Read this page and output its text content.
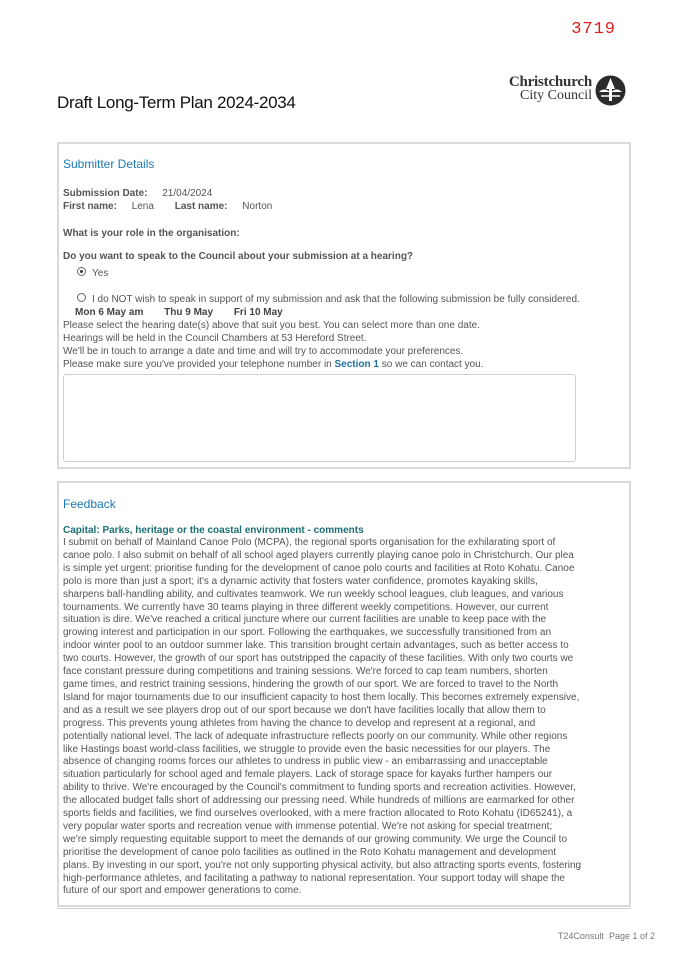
3719
Draft Long-Term Plan 2024-2034
Christchurch
City Council
Submitter Details
Submission Date: 21/04/2024
First name: Lena Last name: Norton
What is your role in the organisation:
Do you want to speak to the Council about your submission at a hearing?
Yes
I do NOT wish to speak in support of my submission and ask that the following submission be fully considered.
Mon 6 May am Thu 9 May Fri 10 May
Please select the hearing date(s) above that suit you best. You can select more than one date.
Hearings will be held in the Council Chambers at 53 Hereford Street.
We'll be in touch to arrange a date and time and will try to accommodate your preferences.
Please make sure you've provided your telephone number in Section 1 so we can contact you.
Feedback
Capital: Parks, heritage or the coastal environment - comments
I submit on behalf of Mainland Canoe Polo (MCPA), the regional sports organisation for the exhilarating sport of
canoe polo. I also submit on behalf of all school aged players currently playing canoe polo in Christchurch. Our plea
is simple yet urgent: prioritise funding for the development of canoe polo courts and facilities at Roto Kohatu. Canoe
polo is more than just a sport; it's a dynamic activity that fosters water confidence, promotes kayaking skills,
sharpens ball-handling ability, and cultivates teamwork. We run weekly school leagues, club leagues, and various
tournaments. We currently have 30 teams playing in three different weekly competitions. However, our current
situation is dire. We've reached a critical juncture where our current facilities are unable to keep pace with the
growing interest and participation in our sport. Following the earthquakes, we successfully transitioned from an
indoor winter pool to an outdoor summer lake. This transition brought certain advantages, such as better access to
two courts. However, the growth of our sport has outstripped the capacity of these facilities. With only two courts we
face constant pressure during competitions and training sessions. We're forced to cap team numbers, shorten
game times, and restrict training sessions, hindering the growth of our sport. We are forced to travel to the North
Island for major tournaments due to our insufficient capacity to host them locally. This becomes extremely expensive,
and as a result we see players drop out of our sport because we don't have facilities locally that allow them to
progress. This prevents young athletes from having the chance to develop and represent at a regional, and
potentially national level. The lack of adequate infrastructure reflects poorly on our community. While other regions
like Hastings boast world-class facilities, we struggle to provide even the basic necessities for our players. The
absence of changing rooms forces our athletes to undress in public view - an embarrassing and unacceptable
situation particularly for school aged and female players. Lack of storage space for kayaks further hampers our
ability to thrive. We're encouraged by the Council's commitment to funding sports and recreation activities. However,
the allocated budget falls short of addressing our pressing need. While hundreds of millions are earmarked for other
sports fields and facilities, we find ourselves overlooked, with a mere fraction allocated to Roto Kohatu (ID65241), a
very popular water sports and recreation venue with immense potential. We're not asking for special treatment;
we're simply requesting equitable support to meet the demands of our growing community. We urge the Council to
prioritise the development of canoe polo facilities as outlined in the Roto Kohatu management and development
plans. By investing in our sport, you're not only supporting physical activity, but also attracting sports events, fostering
high-performance athletes, and facilitating a pathway to national representation. Your support today will shape the
future of our sport and empower generations to come.
T24Consult Page 1 of 2
